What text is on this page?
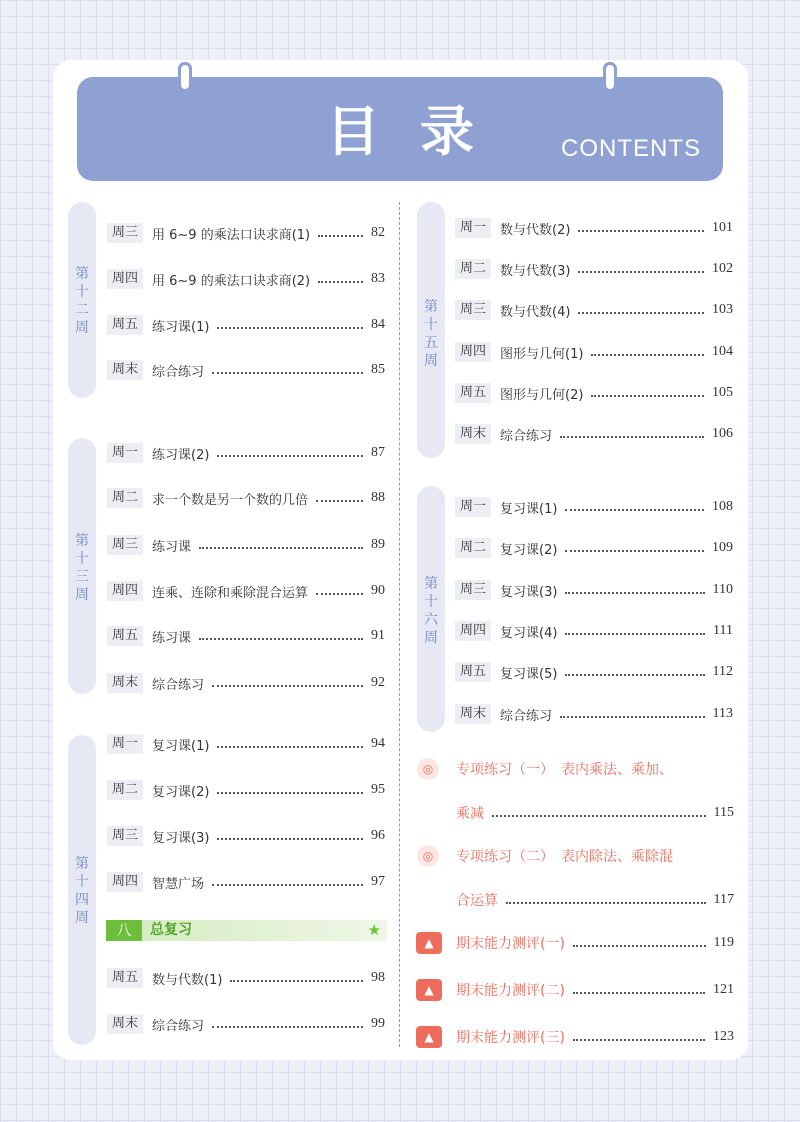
目录	CONTENTS
第
十
二
周
周三	用 6~9 的乘法口诀求商(1)	82
周四	用 6~9 的乘法口诀求商(2)	83
周五	练习课(1)	84
周末	综合练习	85
第
十
三
周
周一	练习课(2)	87
周二	求一个数是另一个数的几倍	88
周三	练习课	89
周四	连乘、连除和乘除混合运算	90
周五	练习课	91
周末	综合练习	92
第
十
四
周
周一	复习课(1)	94
周二	复习课(2)	95
周三	复习课(3)	96
周四	智慧广场	97
周五	数与代数(1)	98
周末	综合练习	99
第
十
五
周
周一	数与代数(2)	101
周二	数与代数(3)	102
周三	数与代数(4)	103
周四	图形与几何(1)	104
周五	图形与几何(2)	105
周末	综合练习	106
第
十
六
周
周一	复习课(1)	108
周二	复习课(2)	109
周三	复习课(3)	110
周四	复习课(4)	111
周五	复习课(5)	112
周末	综合练习	113
八	总复习	★
◎	专项练习（一）　表内乘法、乘加、
乘减	115
◎	专项练习（二）　表内除法、乘除混
合运算	117
▲	期末能力测评(一)	119
▲	期末能力测评(二)	121
▲	期末能力测评(三)	123
